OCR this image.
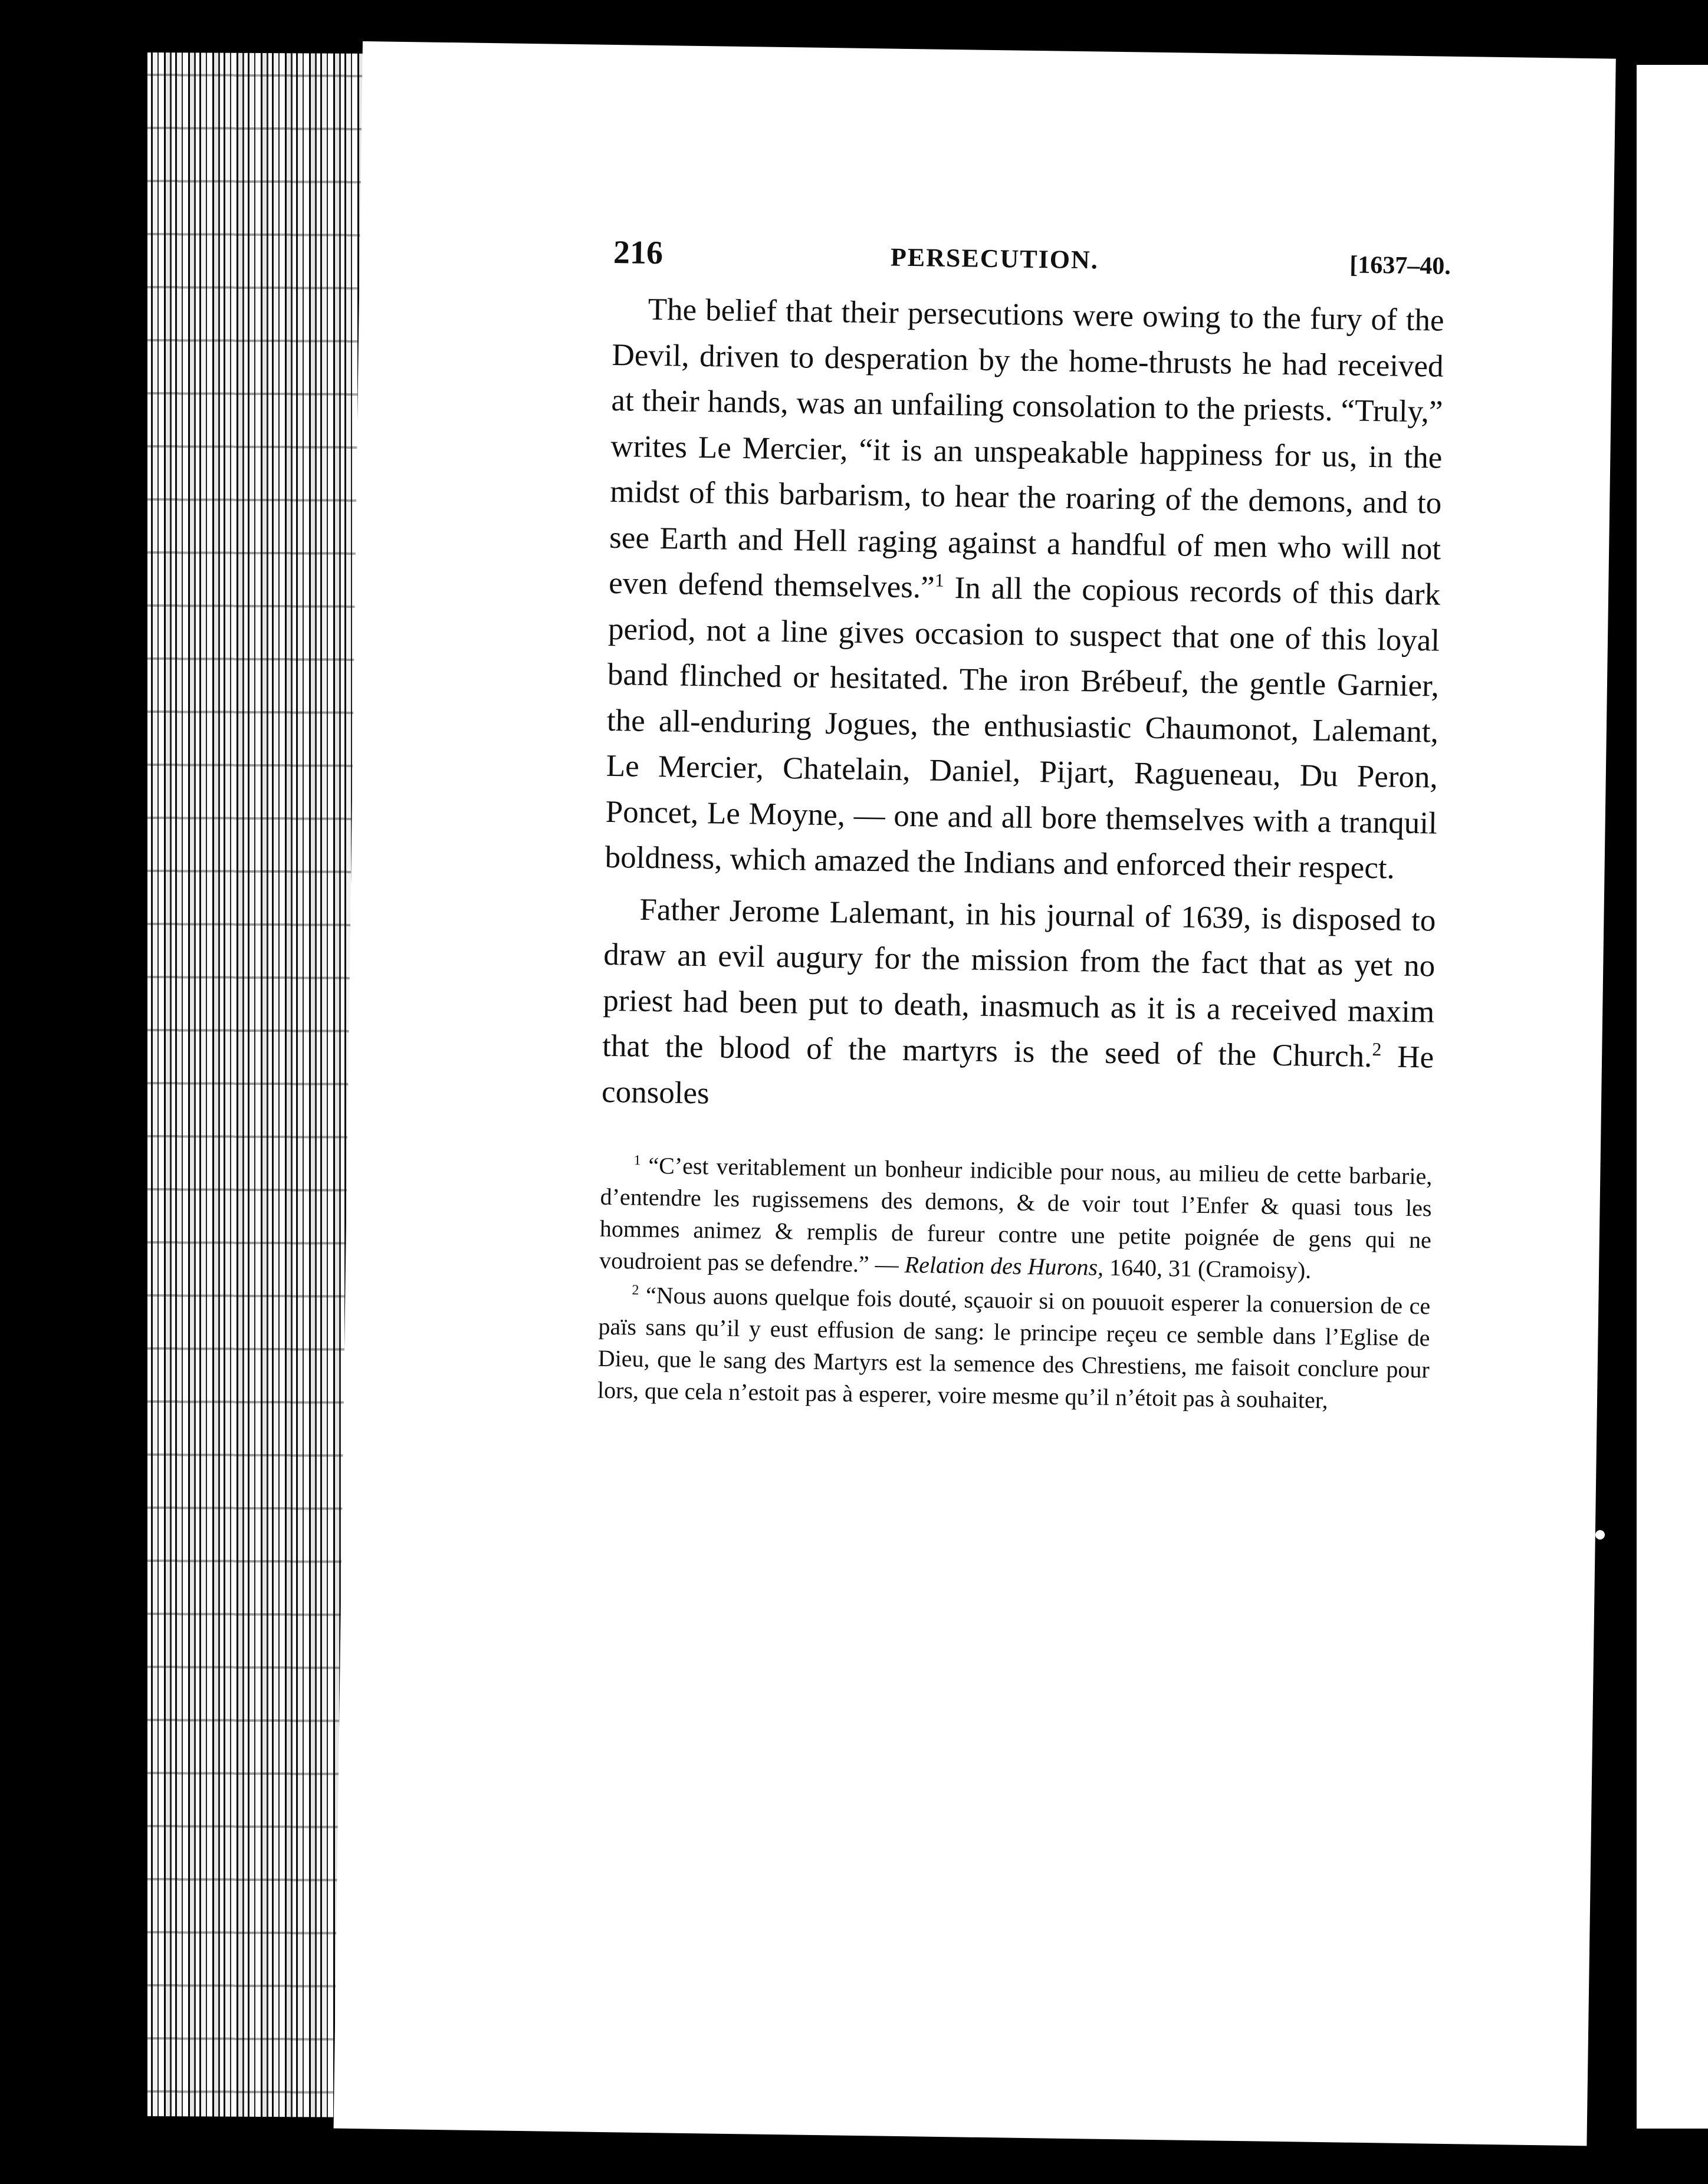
216	PERSECUTION.	[1637–40.

The belief that their persecutions were owing to the fury of the Devil, driven to desperation by the home-thrusts he had received at their hands, was an unfailing consolation to the priests. “Truly,” writes Le Mercier, “it is an unspeakable happiness for us, in the midst of this barbarism, to hear the roaring of the demons, and to see Earth and Hell raging against a handful of men who will not even defend themselves.”$^1$ In all the copious records of this dark period, not a line gives occasion to suspect that one of this loyal band flinched or hesitated. The iron Brébeuf, the gentle Garnier, the all-enduring Jogues, the enthusiastic Chaumonot, Lalemant, Le Mercier, Chatelain, Daniel, Pijart, Ragueneau, Du Peron, Poncet, Le Moyne, — one and all bore themselves with a tranquil boldness, which amazed the Indians and enforced their respect.

Father Jerome Lalemant, in his journal of 1639, is disposed to draw an evil augury for the mission from the fact that as yet no priest had been put to death, inasmuch as it is a received maxim that the blood of the martyrs is the seed of the Church.$^2$ He consoles

$^1$ “C’est veritablement un bonheur indicible pour nous, au milieu de cette barbarie, d’entendre les rugissemens des demons, & de voir tout l’Enfer & quasi tous les hommes animez & remplis de fureur contre une petite poignée de gens qui ne voudroient pas se defendre.” — Relation des Hurons, 1640, 31 (Cramoisy).

$^2$ “Nous auons quelque fois douté, sçauoir si on pouuoit esperer la conuersion de ce païs sans qu’il y eust effusion de sang: le principe reçeu ce semble dans l’Eglise de Dieu, que le sang des Martyrs est la semence des Chrestiens, me faisoit conclure pour lors, que cela n’estoit pas à esperer, voire mesme qu’il n’étoit pas à souhaiter,
